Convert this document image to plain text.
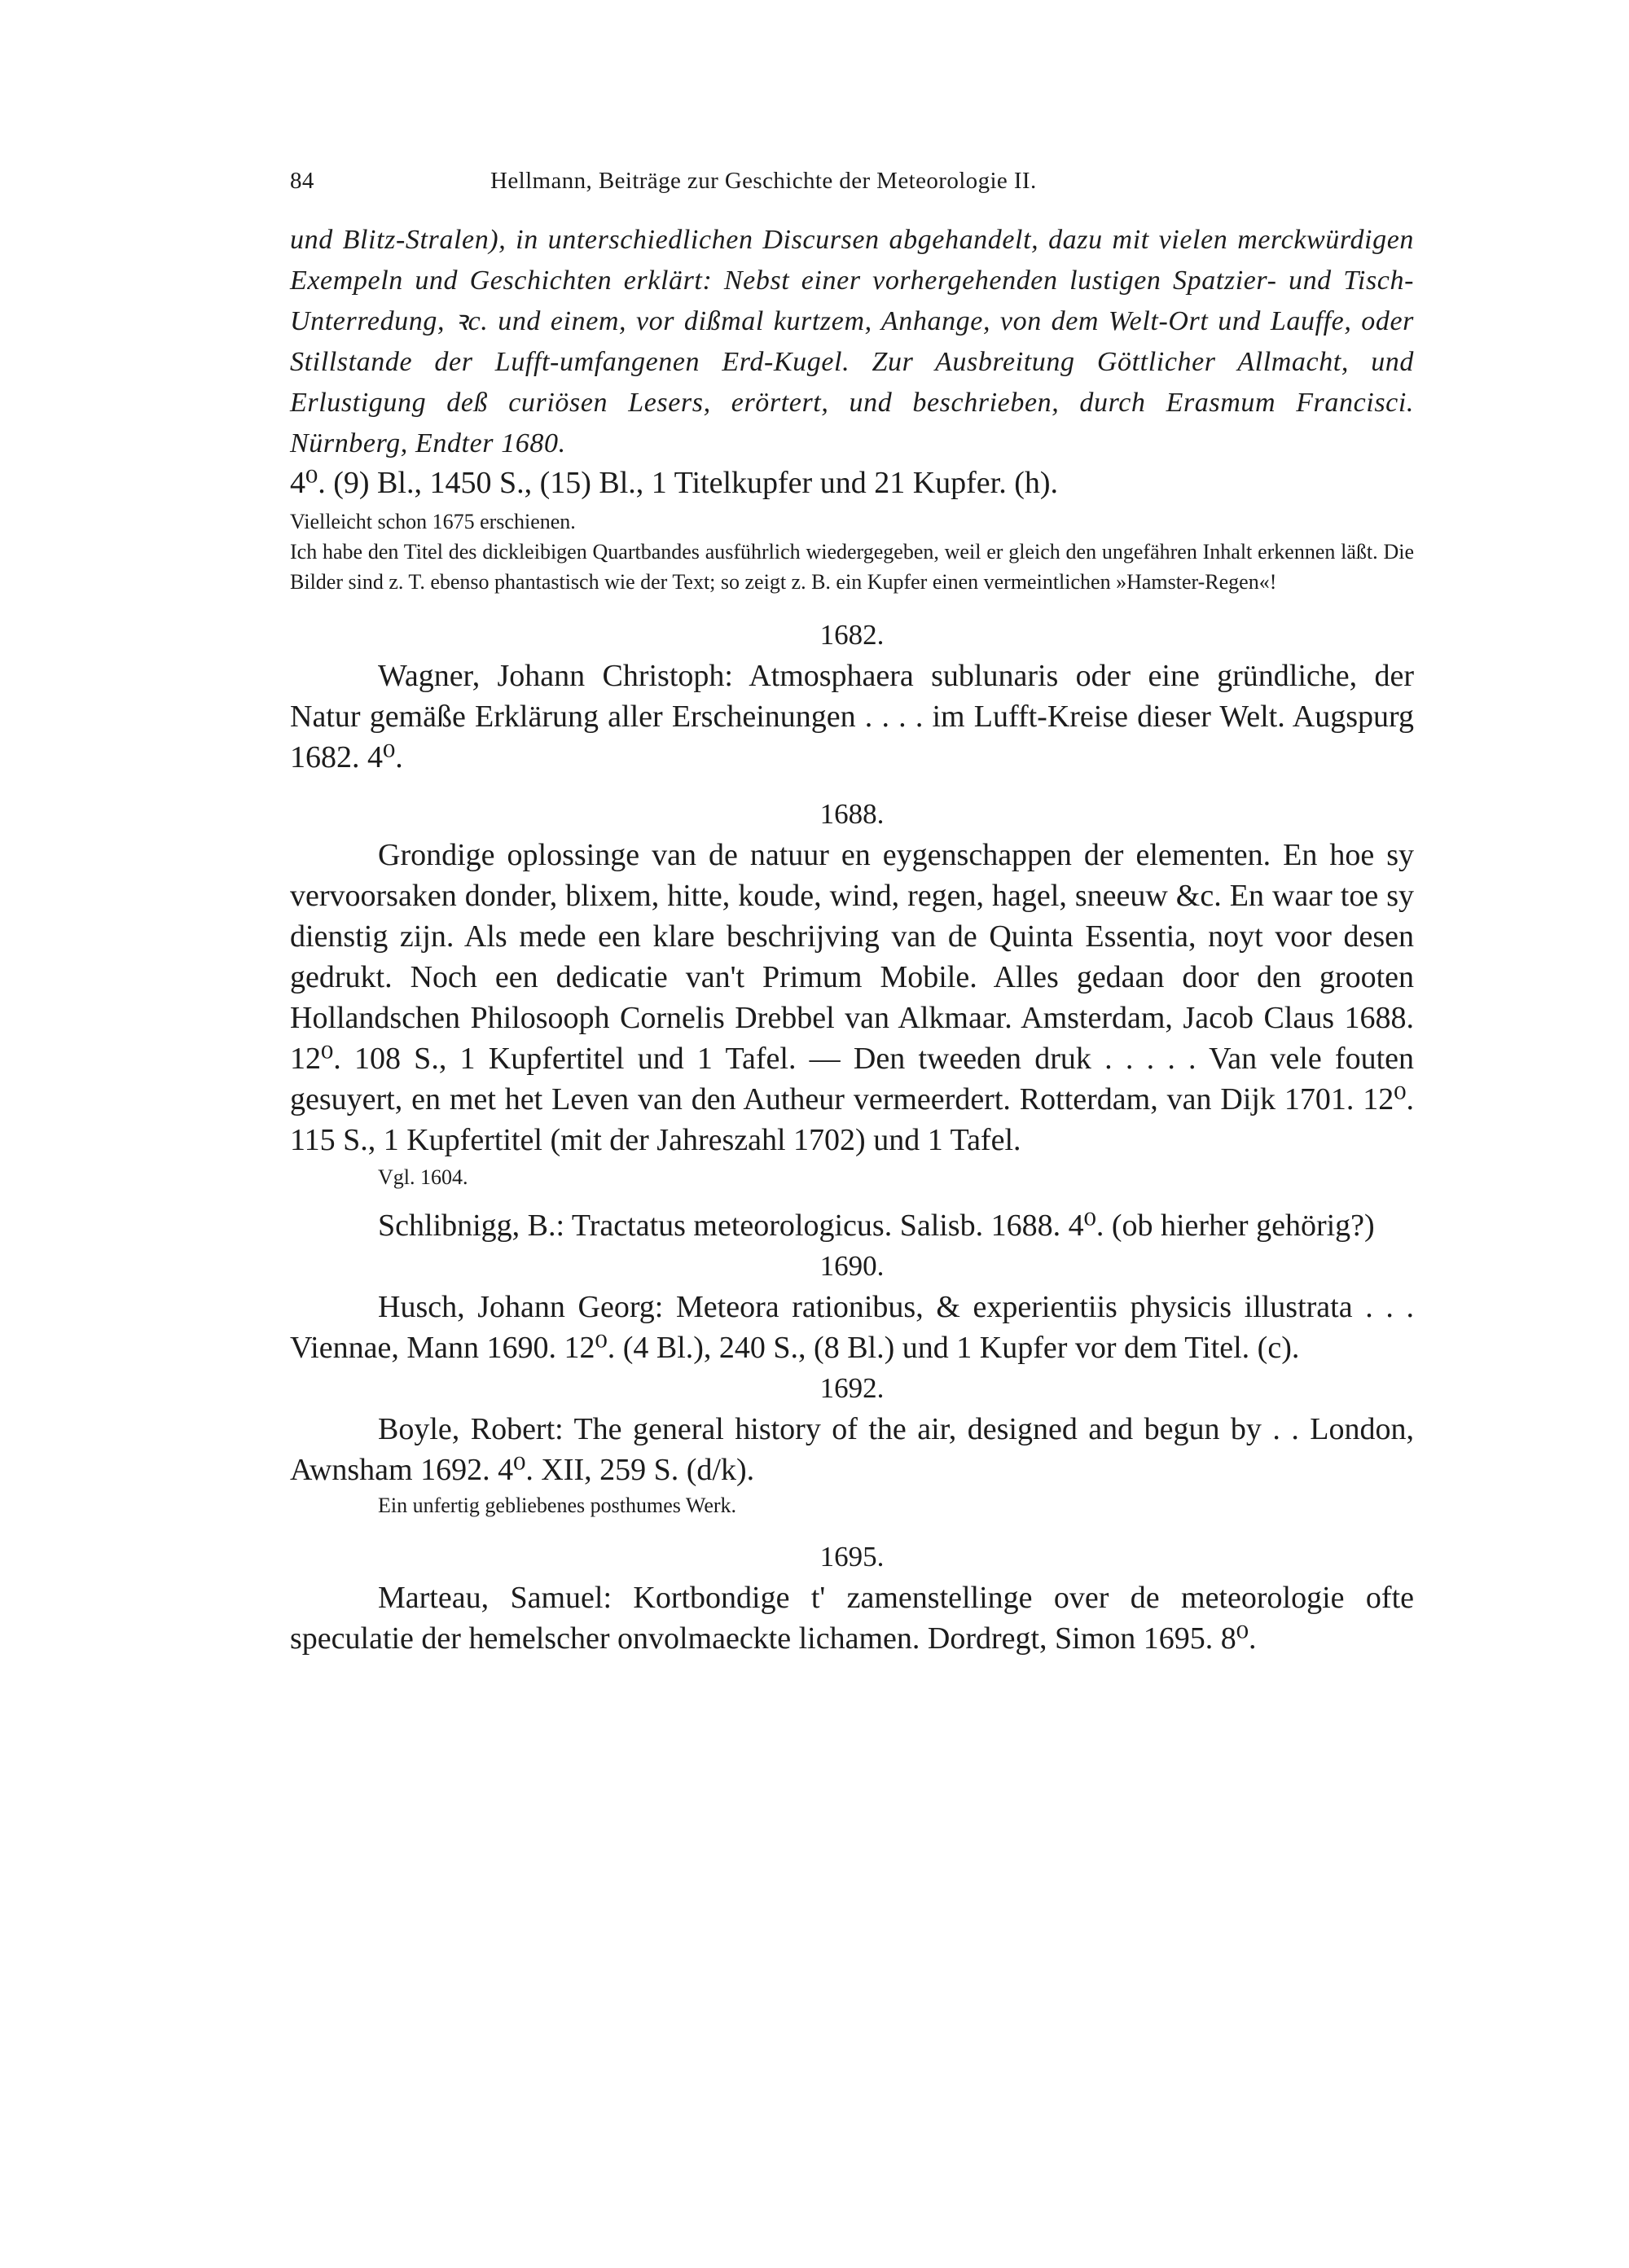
84	Hellmann, Beiträge zur Geschichte der Meteorologie II.

und Blitz-Stralen), in unterschiedlichen Discursen abgehandelt, dazu mit vielen merckwürdigen Exempeln und Geschichten erklärt: Nebst einer vorhergehenden lustigen Spatzier- und Tisch-Unterredung, ꝛc. und einem, vor dißmal kurtzem, Anhange, von dem Welt-Ort und Lauffe, oder Stillstande der Lufft-umfangenen Erd-Kugel. Zur Ausbreitung Göttlicher Allmacht, und Erlustigung deß curiösen Lesers, erörtert, und beschrieben, durch Erasmum Francisci. Nürnberg, Endter 1680.

4⁰. (9) Bl., 1450 S., (15) Bl., 1 Titelkupfer und 21 Kupfer. (h).

Vielleicht schon 1675 erschienen.

Ich habe den Titel des dickleibigen Quartbandes ausführlich wiedergegeben, weil er gleich den ungefähren Inhalt erkennen läßt. Die Bilder sind z. T. ebenso phantastisch wie der Text; so zeigt z. B. ein Kupfer einen vermeintlichen »Hamster-Regen«!

1682.

Wagner, Johann Christoph: Atmosphaera sublunaris oder eine gründliche, der Natur gemäße Erklärung aller Erscheinungen . . . . im Lufft-Kreise dieser Welt. Augspurg 1682. 4⁰.

1688.

Grondige oplossinge van de natuur en eygenschappen der elementen. En hoe sy vervoorsaken donder, blixem, hitte, koude, wind, regen, hagel, sneeuw &c. En waar toe sy dienstig zijn. Als mede een klare beschrijving van de Quinta Essentia, noyt voor desen gedrukt. Noch een dedicatie van't Primum Mobile. Alles gedaan door den grooten Hollandschen Philosooph Cornelis Drebbel van Alkmaar. Amsterdam, Jacob Claus 1688. 12⁰. 108 S., 1 Kupfertitel und 1 Tafel. — Den tweeden druk . . . . . Van vele fouten gesuyert, en met het Leven van den Autheur vermeerdert. Rotterdam, van Dijk 1701. 12⁰. 115 S., 1 Kupfertitel (mit der Jahreszahl 1702) und 1 Tafel.

Vgl. 1604.

Schlibnigg, B.: Tractatus meteorologicus. Salisb. 1688. 4⁰. (ob hierher gehörig?)

1690.

Husch, Johann Georg: Meteora rationibus, & experientiis physicis illustrata . . . Viennae, Mann 1690. 12⁰. (4 Bl.), 240 S., (8 Bl.) und 1 Kupfer vor dem Titel. (c).

1692.

Boyle, Robert: The general history of the air, designed and begun by . . London, Awnsham 1692. 4⁰. XII, 259 S. (d/k).

Ein unfertig gebliebenes posthumes Werk.

1695.

Marteau, Samuel: Kortbondige t' zamenstellinge over de meteorologie ofte speculatie der hemelscher onvolmaeckte lichamen. Dordregt, Simon 1695. 8⁰.
